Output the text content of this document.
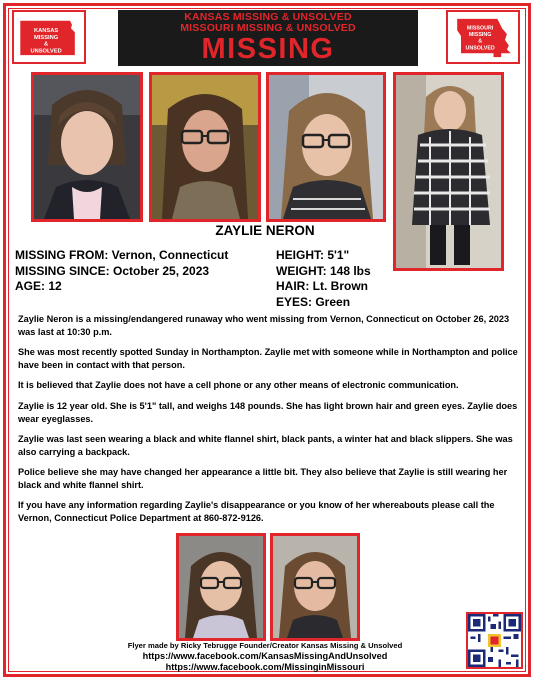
KANSAS
MISSING
&
UNSOLVED
KANSAS MISSING & UNSOLVED
MISSOURI MISSING & UNSOLVED
MISSING
MISSOURI
MISSING
&
UNSOLVED
ZAYLIE NERON
MISSING FROM: Vernon, Connecticut
MISSING SINCE: October 25, 2023
AGE: 12
HEIGHT: 5'1"
WEIGHT: 148 lbs
HAIR: Lt. Brown
EYES: Green

Zaylie Neron is a missing/endangered runaway who went missing from Vernon, Connecticut on October 26, 2023 was last at 10:30 p.m.

She was most recently spotted Sunday in Northampton. Zaylie met with someone while in Northampton and police have been in contact with that person.

It is believed that Zaylie does not have a cell phone or any other means of electronic communication.

Zaylie is 12 year old. She is 5'1" tall, and weighs 148 pounds. She has light brown hair and green eyes. Zaylie does wear eyeglasses.

Zaylie was last seen wearing a black and white flannel shirt, black pants, a winter hat and black slippers. She was also carrying a backpack.

Police believe she may have changed her appearance a little bit. They also believe that Zaylie is still wearing her black and white flannel shirt.

If you have any information regarding Zaylie's disappearance or you know of her whereabouts please call the Vernon, Connecticut Police Department at 860-872-9126.

Flyer made by Ricky Tebrugge Founder/Creator Kansas Missing & Unsolved
https://www.facebook.com/KansasMissingAndUnsolved
https://www.facebook.com/MissinginMissouri
